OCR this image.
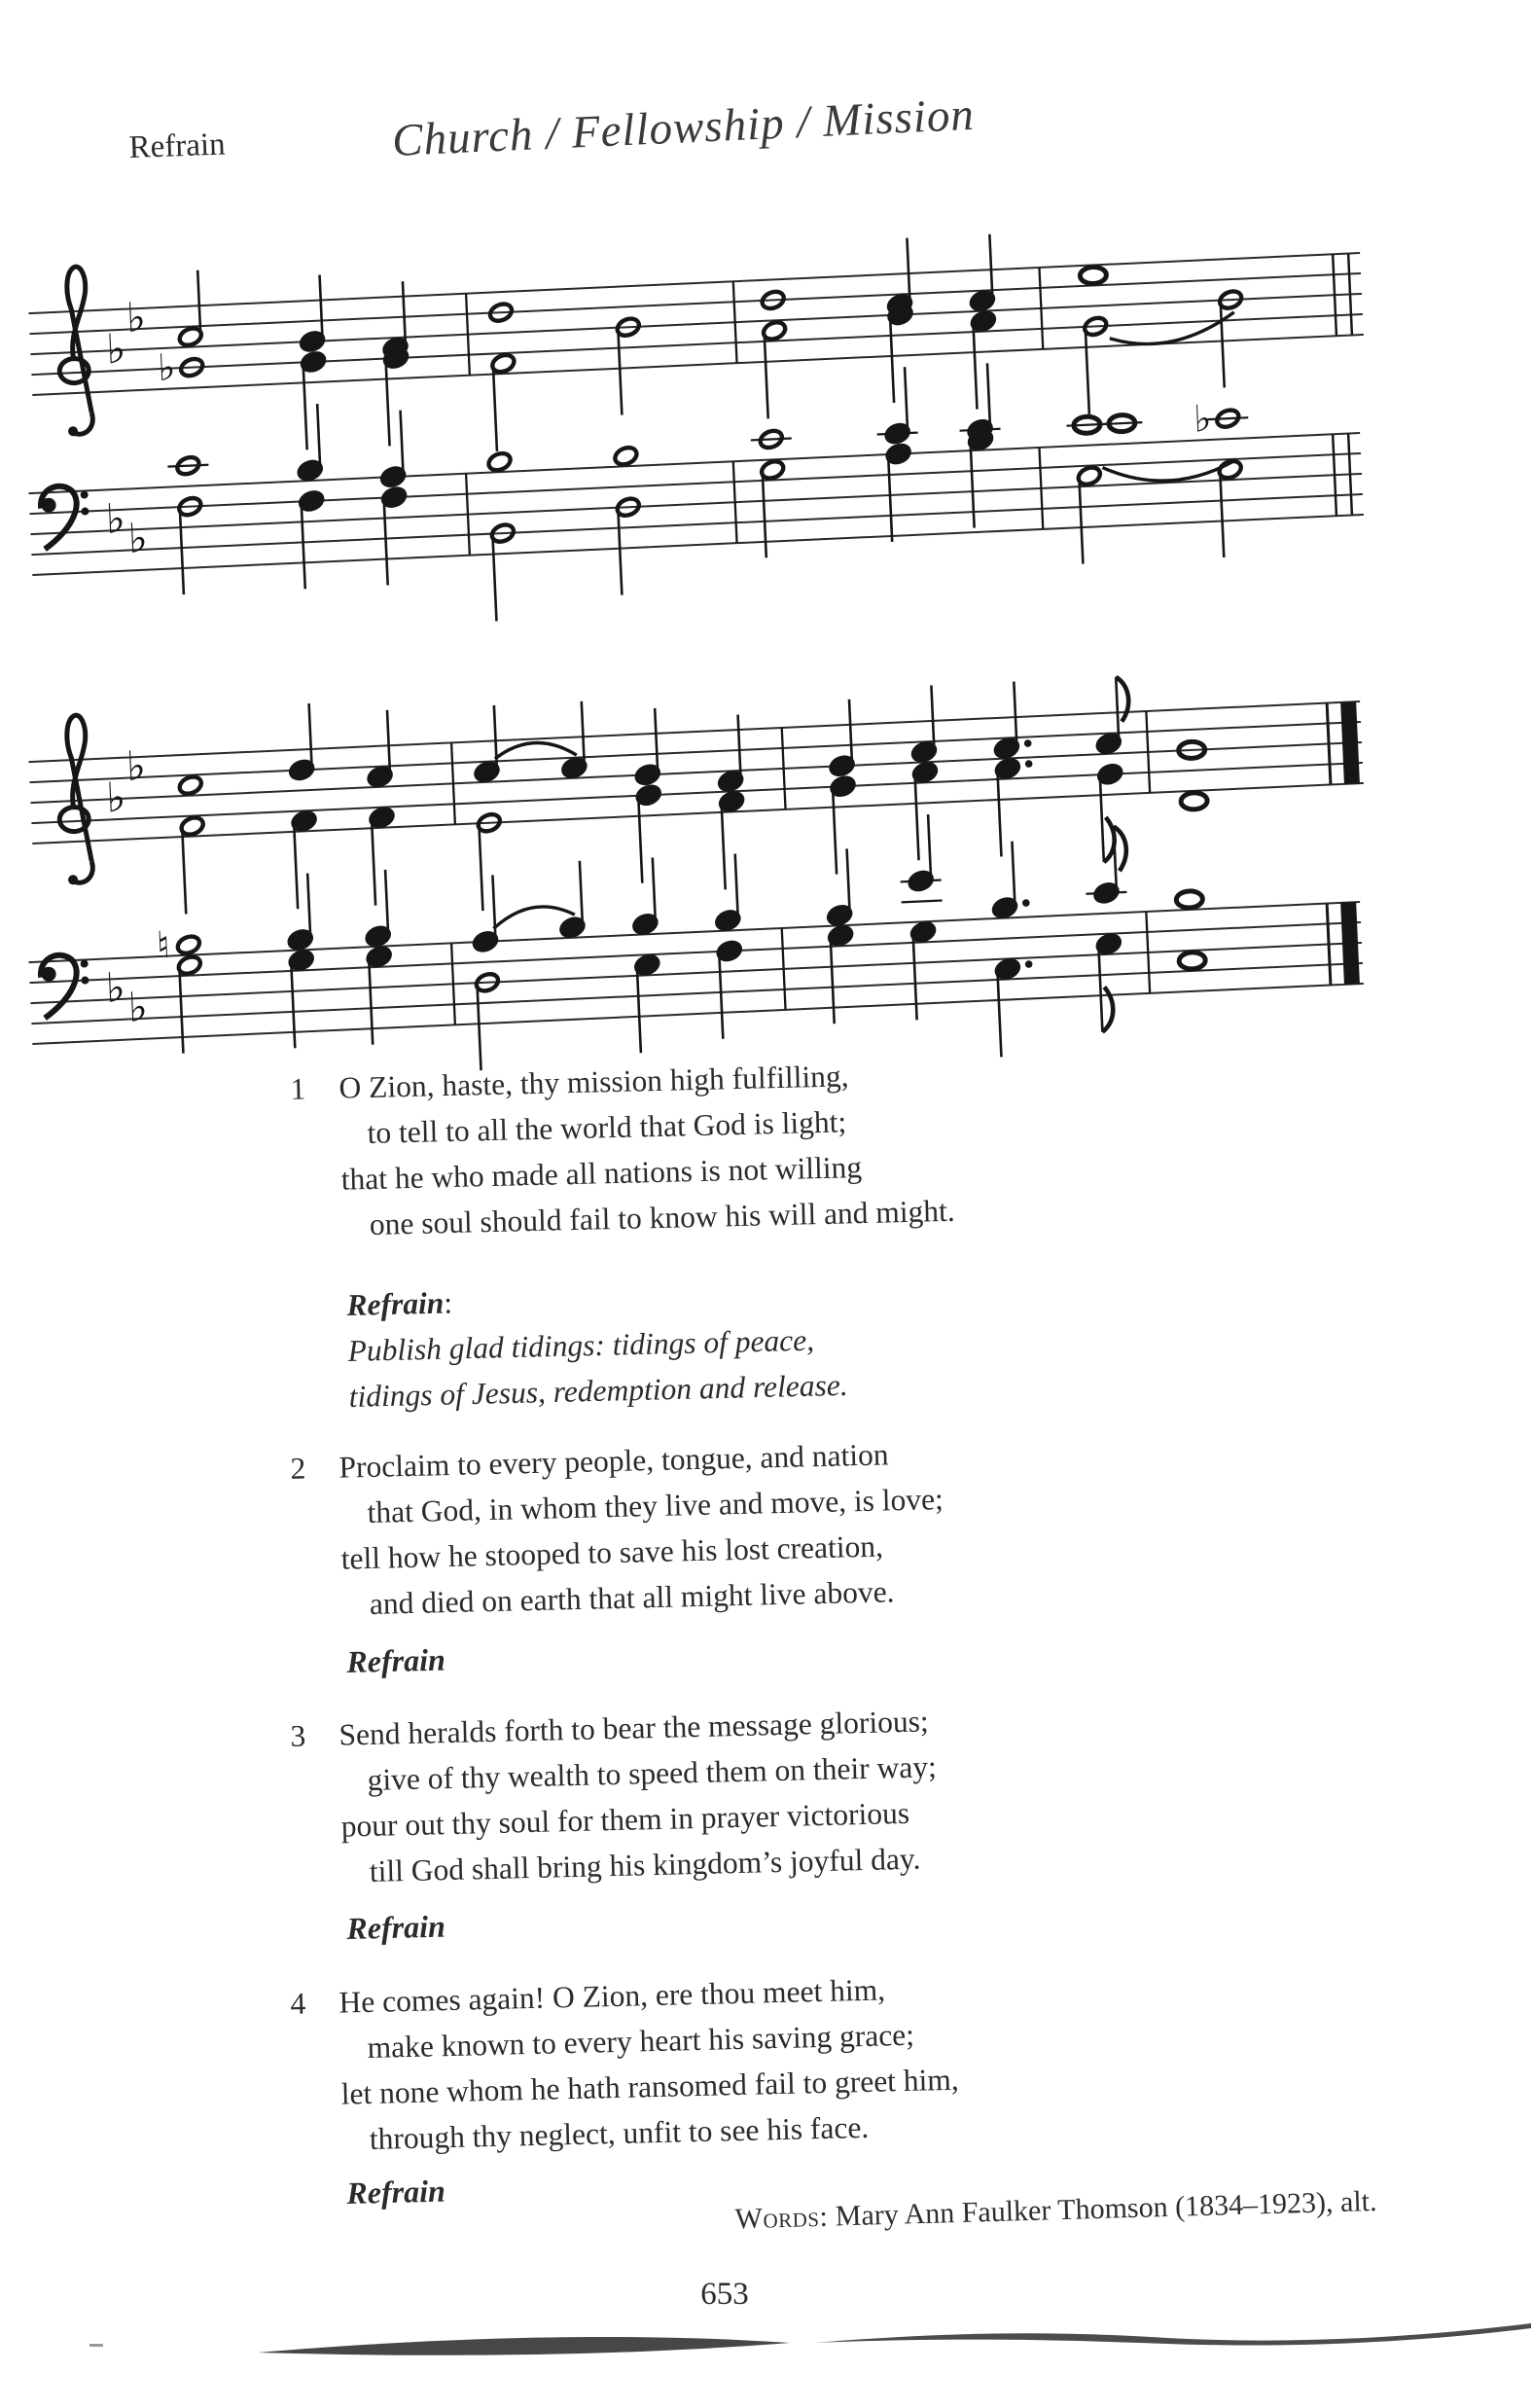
Church / Fellowship / Mission
Refrain
♭
♭
♭
♭ ♭
♭
♭
♭
♭ ♭
♮
1	O Zion, haste, thy mission high fulfilling,
to tell to all the world that God is light;
that he who made all nations is not willing
one soul should fail to know his will and might.
Refrain:
Publish glad tidings: tidings of peace,
tidings of Jesus, redemption and release.
2	Proclaim to every people, tongue, and nation
that God, in whom they live and move, is love;
tell how he stooped to save his lost creation,
and died on earth that all might live above.
Refrain
3	Send heralds forth to bear the message glorious;
give of thy wealth to speed them on their way;
pour out thy soul for them in prayer victorious
till God shall bring his kingdom’s joyful day.
Refrain
4	He comes again! O Zion, ere thou meet him,
make known to every heart his saving grace;
let none whom he hath ransomed fail to greet him,
through thy neglect, unfit to see his face.
Refrain
Words: Mary Ann Faulker Thomson (1834–1923), alt.
653
